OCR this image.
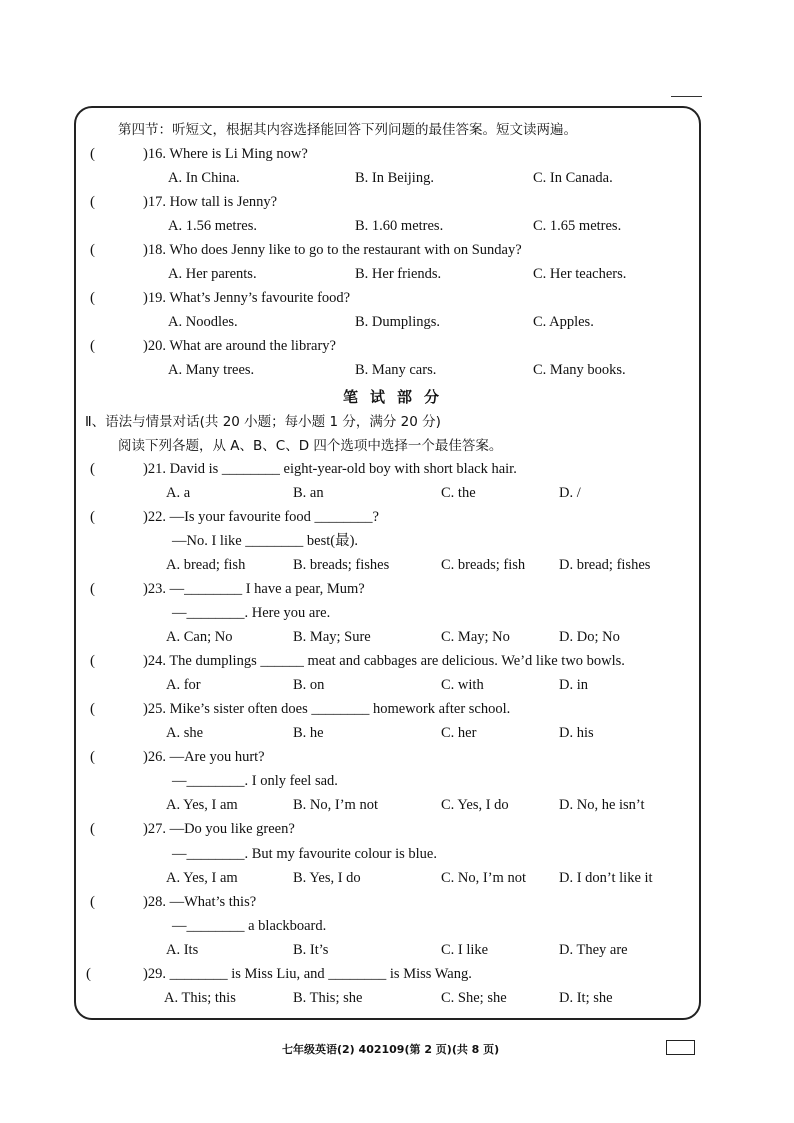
第四节：听短文，根据其内容选择能回答下列问题的最佳答案。短文读两遍。
(	)16. Where is Li Ming now?
A. In China.	B. In Beijing.	C. In Canada.
(	)17. How tall is Jenny?
A. 1.56 metres.	B. 1.60 metres.	C. 1.65 metres.
(	)18. Who does Jenny like to go to the restaurant with on Sunday?
A. Her parents.	B. Her friends.	C. Her teachers.
(	)19. What’s Jenny’s favourite food?
A. Noodles.	B. Dumplings.	C. Apples.
(	)20. What are around the library?
A. Many trees.	B. Many cars.	C. Many books.
笔试部分
Ⅱ、语法与情景对话(共 20 小题；每小题 1 分，满分 20 分)
阅读下列各题，从 A、B、C、D 四个选项中选择一个最佳答案。
(	)21. David is ________ eight-year-old boy with short black hair.
A. a	B. an	C. the	D. /
(	)22. —Is your favourite food ________?
—No. I like ________ best(最).
A. bread; fish	B. breads; fishes	C. breads; fish D. bread; fishes
(	)23. —________ I have a pear, Mum?
—________. Here you are.
A. Can; No	B. May; Sure	C. May; No	D. Do; No
(	)24. The dumplings ______ meat and cabbages are delicious. We’d like two bowls.
A. for	B. on	C. with	D. in
(	)25. Mike’s sister often does ________ homework after school.
A. she	B. he	C. her	D. his
(	)26. —Are you hurt?
—________. I only feel sad.
A. Yes, I am	B. No, I’m not	C. Yes, I do	D. No, he isn’t
(	)27. —Do you like green?
—________. But my favourite colour is blue.
A. Yes, I am	B. Yes, I do	C. No, I’m not D. I don’t like it
(	)28. —What’s this?
—________ a blackboard.
A. Its	B. It’s	C. I like	D. They are
(	)29. ________ is Miss Liu, and ________ is Miss Wang.
A. This; this	B. This; she	C. She; she	D. It; she
七年级英语(2) 402109(第 2 页)(共 8 页)
